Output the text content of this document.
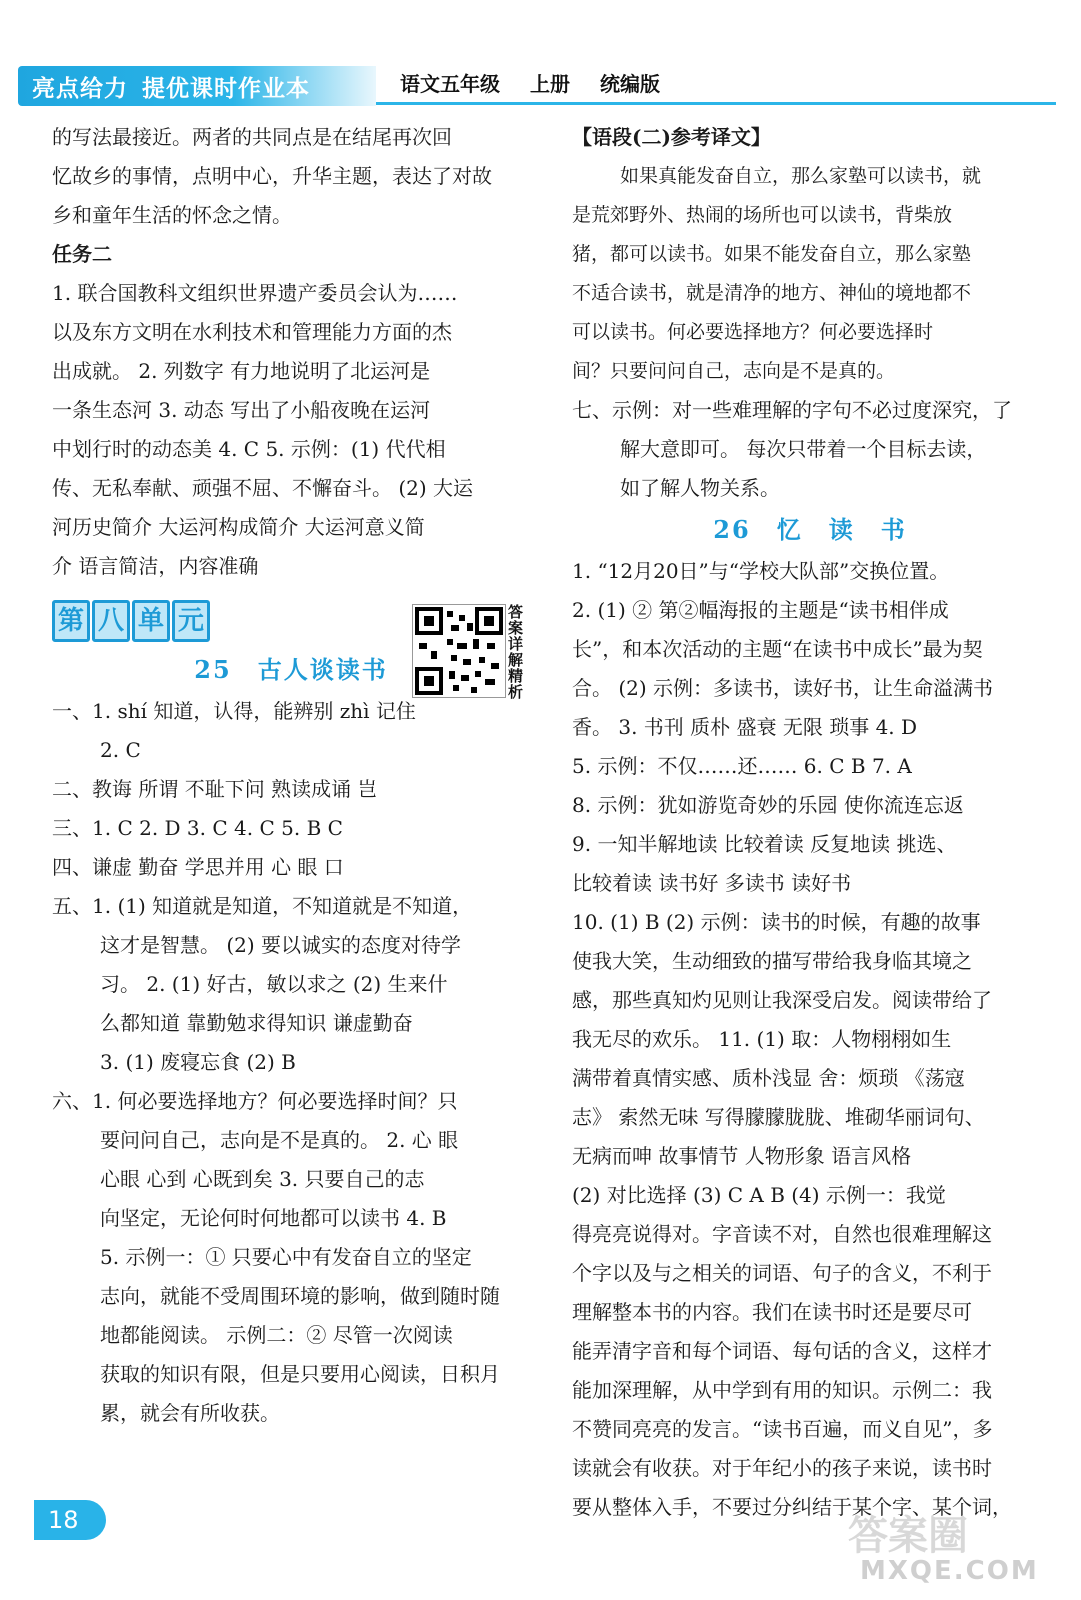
亮点给力 提优课时作业本	语文五年级 上册 统编版
的写法最接近。两者的共同点是在结尾再次回
忆故乡的事情，点明中心，升华主题，表达了对故
乡和童年生活的怀念之情。
任务二
1. 联合国教科文组织世界遗产委员会认为……
以及东方文明在水利技术和管理能力方面的杰
出成就。 2. 列数字 有力地说明了北运河是
一条生态河 3. 动态 写出了小船夜晚在运河
中划行时的动态美 4. C 5. 示例：(1) 代代相
传、无私奉献、顽强不屈、不懈奋斗。 (2) 大运
河历史简介 大运河构成简介 大运河意义简
介 语言简洁，内容准确
第 八 单 元
25　古人谈读书
一、1. shí 知道，认得，能辨别 zhì 记住
2. C
二、教诲 所谓 不耻下问 熟读成诵 岂
三、1. C 2. D 3. C 4. C 5. B C
四、谦虚 勤奋 学思并用 心 眼 口
五、1. (1) 知道就是知道，不知道就是不知道，
这才是智慧。 (2) 要以诚实的态度对待学
习。 2. (1) 好古，敏以求之 (2) 生来什
么都知道 靠勤勉求得知识 谦虚勤奋
3. (1) 废寝忘食 (2) B
六、1. 何必要选择地方？何必要选择时间？只
要问问自己，志向是不是真的。 2. 心 眼
心眼 心到 心既到矣 3. 只要自己的志
向坚定，无论何时何地都可以读书 4. B
5. 示例一：① 只要心中有发奋自立的坚定
志向，就能不受周围环境的影响，做到随时随
地都能阅读。 示例二：② 尽管一次阅读
获取的知识有限，但是只要用心阅读，日积月
累，就会有所收获。
答案详解精析
【语段(二)参考译文】
如果真能发奋自立，那么家塾可以读书，就
是荒郊野外、热闹的场所也可以读书，背柴放
猪，都可以读书。如果不能发奋自立，那么家塾
不适合读书，就是清净的地方、神仙的境地都不
可以读书。何必要选择地方？何必要选择时
间？只要问问自己，志向是不是真的。
七、示例：对一些难理解的字句不必过度深究，了
解大意即可。 每次只带着一个目标去读，
如了解人物关系。
26　忆　读　书
1. “12月20日”与“学校大队部”交换位置。
2. (1) ② 第②幅海报的主题是“读书相伴成
长”，和本次活动的主题“在读书中成长”最为契
合。 (2) 示例：多读书，读好书，让生命溢满书
香。 3. 书刊 质朴 盛衰 无限 琐事 4. D
5. 示例：不仅……还…… 6. C B 7. A
8. 示例：犹如游览奇妙的乐园 使你流连忘返
9. 一知半解地读 比较着读 反复地读 挑选、
比较着读 读书好 多读书 读好书
10. (1) B (2) 示例：读书的时候，有趣的故事
使我大笑，生动细致的描写带给我身临其境之
感，那些真知灼见则让我深受启发。阅读带给了
我无尽的欢乐。 11. (1) 取：人物栩栩如生
满带着真情实感、质朴浅显 舍：烦琐 《荡寇
志》 索然无味 写得朦朦胧胧、堆砌华丽词句、
无病而呻 故事情节 人物形象 语言风格
(2) 对比选择 (3) C A B (4) 示例一：我觉
得亮亮说得对。字音读不对，自然也很难理解这
个字以及与之相关的词语、句子的含义，不利于
理解整本书的内容。我们在读书时还是要尽可
能弄清字音和每个词语、每句话的含义，这样才
能加深理解，从中学到有用的知识。示例二：我
不赞同亮亮的发言。“读书百遍，而义自见”，多
读就会有收获。对于年纪小的孩子来说，读书时
要从整体入手，不要过分纠结于某个字、某个词，
18	答案圈
MXQE.COM
